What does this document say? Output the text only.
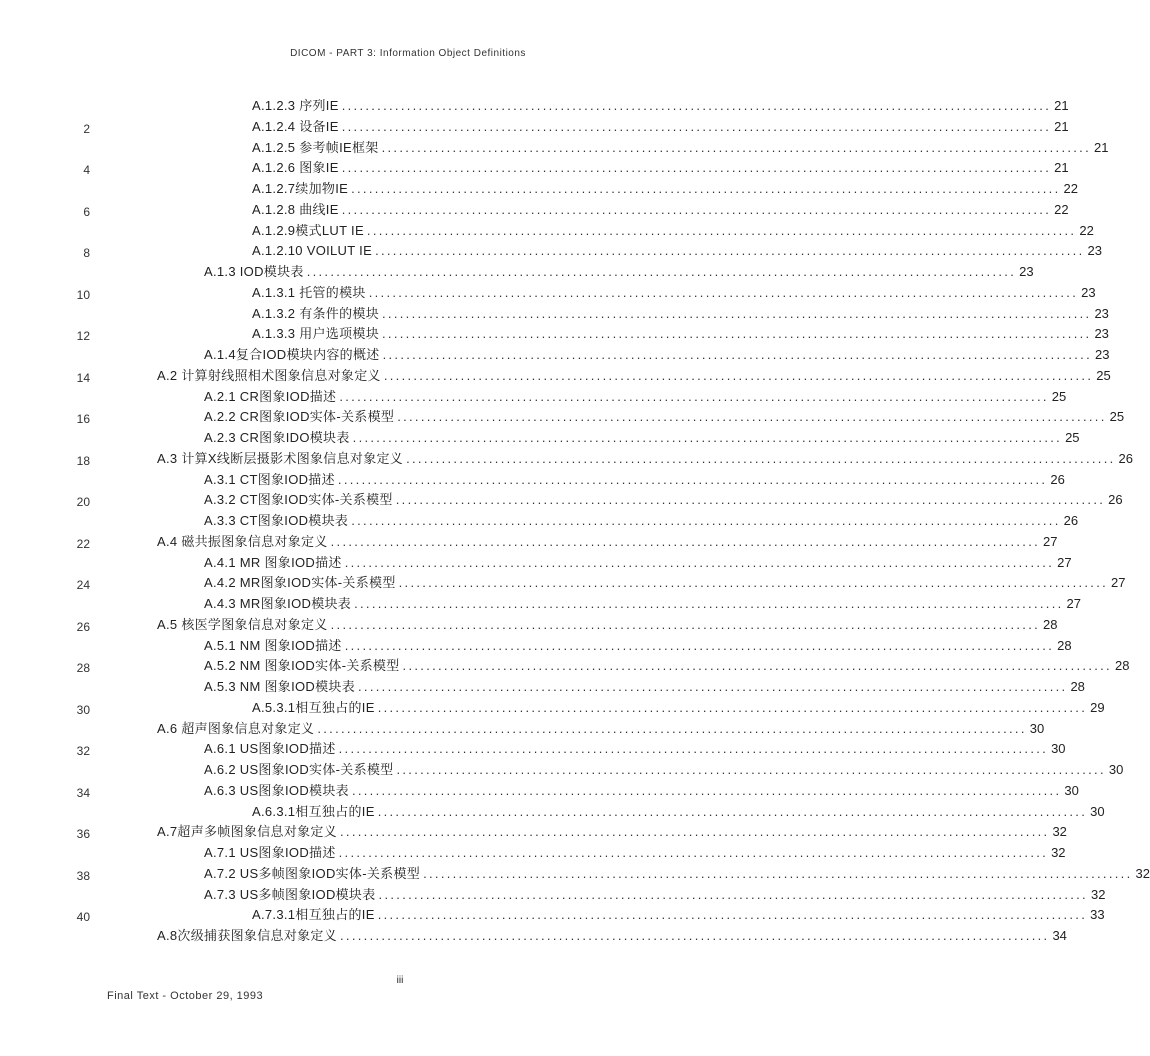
DICOM - PART 3: Information Object Definitions
A.1.2.3 序列IE ........................................................................................................................ 21
A.1.2.4 设备IE ........................................................................................................................ 21
A.1.2.5 参考帧IE框架 ........................................................................................................................ 21
A.1.2.6 图象IE ........................................................................................................................ 21
A.1.2.7续加物IE ........................................................................................................................ 22
A.1.2.8 曲线IE ........................................................................................................................ 22
A.1.2.9模式LUT IE ........................................................................................................................ 22
A.1.2.10 VOILUT IE ........................................................................................................................ 23
A.1.3 IOD模块表 ........................................................................................................................ 23
A.1.3.1 托管的模块 ........................................................................................................................ 23
A.1.3.2 有条件的模块 ........................................................................................................................ 23
A.1.3.3 用户选项模块 ........................................................................................................................ 23
A.1.4复合IOD模块内容的概述 ........................................................................................................................ 23
A.2 计算射线照相术图象信息对象定义 ........................................................................................................................ 25
A.2.1 CR图象IOD描述 ........................................................................................................................ 25
A.2.2 CR图象IOD实体-关系模型 ........................................................................................................................ 25
A.2.3 CR图象IDO模块表 ........................................................................................................................ 25
A.3 计算X线断层摄影术图象信息对象定义 ........................................................................................................................ 26
A.3.1 CT图象IOD描述 ........................................................................................................................ 26
A.3.2 CT图象IOD实体-关系模型 ........................................................................................................................ 26
A.3.3 CT图象IOD模块表 ........................................................................................................................ 26
A.4 磁共振图象信息对象定义 ........................................................................................................................ 27
A.4.1 MR 图象IOD描述 ........................................................................................................................ 27
A.4.2 MR图象IOD实体-关系模型 ........................................................................................................................ 27
A.4.3 MR图象IOD模块表 ........................................................................................................................ 27
A.5 核医学图象信息对象定义 ........................................................................................................................ 28
A.5.1 NM 图象IOD描述 ........................................................................................................................ 28
A.5.2 NM 图象IOD实体-关系模型 ........................................................................................................................ 28
A.5.3 NM 图象IOD模块表 ........................................................................................................................ 28
A.5.3.1相互独占的IE ........................................................................................................................ 29
A.6 超声图象信息对象定义 ........................................................................................................................ 30
A.6.1 US图象IOD描述 ........................................................................................................................ 30
A.6.2 US图象IOD实体-关系模型 ........................................................................................................................ 30
A.6.3 US图象IOD模块表 ........................................................................................................................ 30
A.6.3.1相互独占的IE ........................................................................................................................ 30
A.7超声多帧图象信息对象定义 ........................................................................................................................ 32
A.7.1 US图象IOD描述 ........................................................................................................................ 32
A.7.2 US多帧图象IOD实体-关系模型 ........................................................................................................................ 32
A.7.3 US多帧图象IOD模块表 ........................................................................................................................ 32
A.7.3.1相互独占的IE ........................................................................................................................ 33
A.8次级捕获图象信息对象定义 ........................................................................................................................ 34
2
4
6
8
10
12
14
16
18
20
22
24
26
28
30
32
34
36
38
40
iii
Final Text - October 29, 1993
